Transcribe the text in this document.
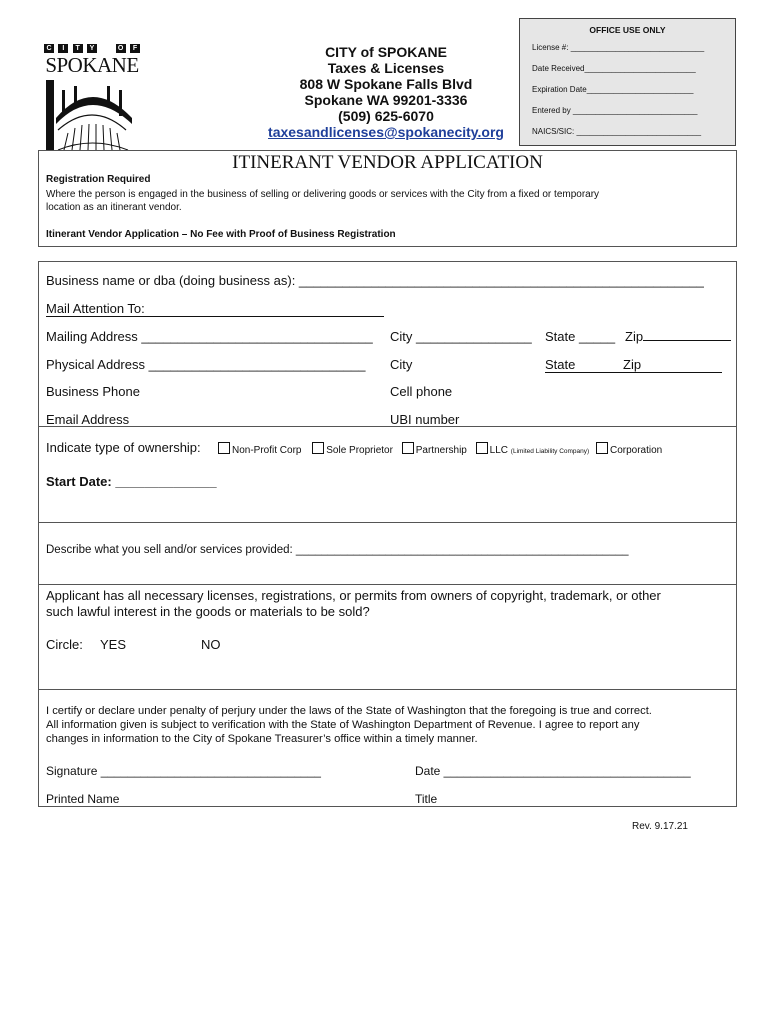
C	I	T	Y	O	F
SPOKANE
CITY of SPOKANE
Taxes & Licenses
808 W Spokane Falls Blvd
Spokane WA 99201-3336
(509) 625-6070
taxesandlicenses@spokanecity.org
OFFICE USE ONLY
License #: ______________________________
Date Received_________________________
Expiration Date________________________
Entered by ____________________________
NAICS/SIC: ____________________________
ITINERANT VENDOR APPLICATION
Registration Required
Where the person is engaged in the business of selling or delivering goods or services with the City from a fixed or temporary
location as an itinerant vendor.
Itinerant Vendor Application – No Fee with Proof of Business Registration
Business name or dba (doing business as): ________________________________________________________
Mail Attention To:
Mailing Address ________________________________ City ________________ State _____ Zip
Physical Address ______________________________ City	State	Zip
Business Phone	Cell phone
Email Address	UBI number
Indicate type of ownership:	Non-Profit Corp Sole Proprietor Partnership LLC (Limited Liability Company) Corporation
Start Date: ______________
Describe what you sell and/or services provided: ____________________________________________________
Applicant has all necessary licenses, registrations, or permits from owners of copyright, trademark, or other
such lawful interest in the goods or materials to be sold?
Circle: YES	NO
I certify or declare under penalty of perjury under the laws of the State of Washington that the foregoing is true and correct.
All information given is subject to verification with the State of Washington Department of Revenue. I agree to report any
changes in information to the City of Spokane Treasurer’s office within a timely manner.
Signature _________________________________	Date _____________________________________
Printed Name	Title
Rev. 9.17.21
